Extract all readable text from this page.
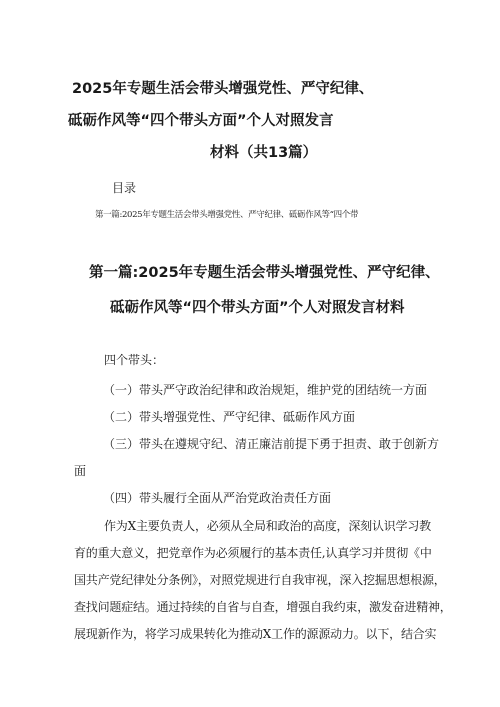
2025年专题生活会带头增强党性、严守纪律、
砥砺作风等“四个带头方面”个人对照发言
材料（共13篇）
目录
第一篇:2025年专题生活会带头增强党性、严守纪律、砥砺作风等“四个带
第一篇:2025年专题生活会带头增强党性、严守纪律、
砥砺作风等“四个带头方面”个人对照发言材料

四个带头：

（一）带头严守政治纪律和政治规矩，维护党的团结统一方面

（二）带头增强党性、严守纪律、砥砺作风方面

（三）带头在遵规守纪、清正廉洁前提下勇于担责、敢于创新方

面

（四）带头履行全面从严治党政治责任方面

作为X主要负责人，必须从全局和政治的高度，深刻认识学习教

育的重大意义，把党章作为必须履行的基本责任,认真学习并贯彻《中

国共产党纪律处分条例》，对照党规进行自我审视，深入挖掘思想根源，

查找问题症结。通过持续的自省与自查，增强自我约束，激发奋进精神，

展现新作为，将学习成果转化为推动X工作的源源动力。以下，结合实
